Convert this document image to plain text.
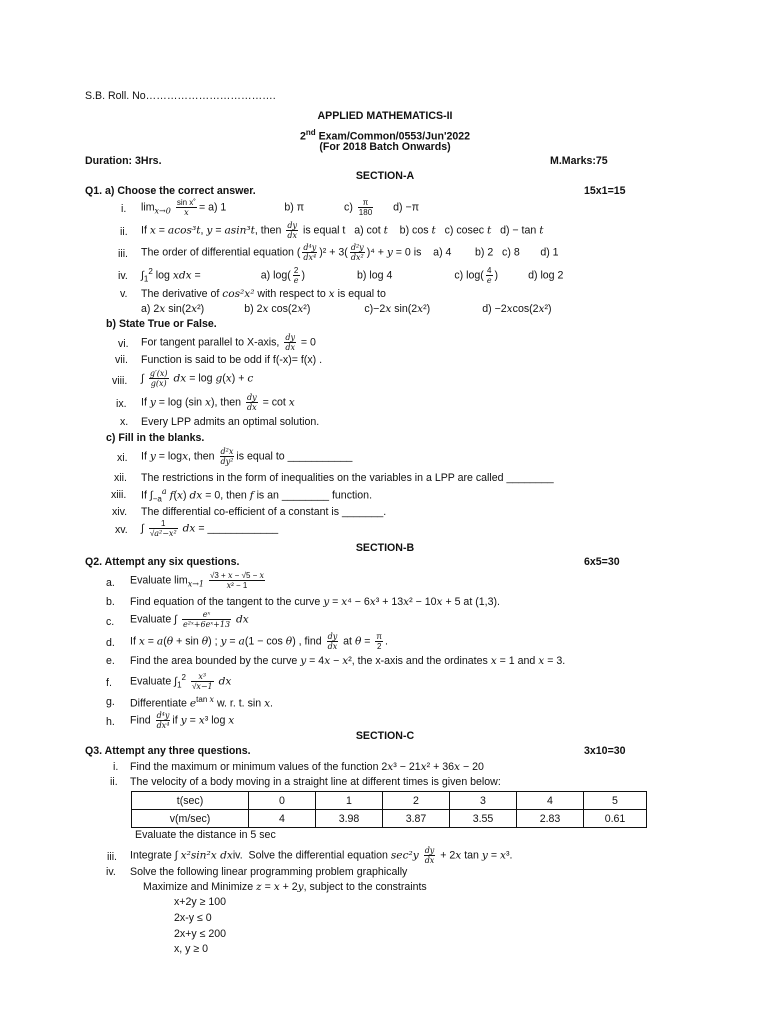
S.B. Roll. No……………………………….
APPLIED MATHEMATICS-II
2nd Exam/Common/0553/Jun'2022
(For 2018 Batch Onwards)
Duration: 3Hrs.	M.Marks:75
SECTION-A
Q1. a) Choose the correct answer.	15x1=15
i. $\lim_{x\to 0} \frac{\text{sin x˚}}{x} = a$) 1	b) π	$c) \frac{\pi}{180} d) -\pi$
ii. If x = acos³t, y = asin³t, then $\frac{dy}{dx}$ is equal t   a) cot t    b) cos t   c) cosec t   d) − tan t
iii. The order of differential equation ( $\frac{\text{d⁴y}}{\text{dx⁴}} )^2 + 3( \frac{\text{d²y}}{\text{dx²}} )^4 + y = 0$ is    a) 4        b) 2   c) 8       d) 1
iv. $\int_1^2$ log xdx =	a) $\log( \frac{2}{e}$ )	b) log 4	c) $\log( \frac{4}{e}$ )	d) log 2
v. The derivative of cos²x² with respect to x is equal to
a) 2x sin(2x²)	b) 2x cos(2x²)	c)−2x sin(2x²)	d) −2xcos(2x²)
b) State True or False.
vi. For tangent parallel to X-axis, $\frac{dy}{dx} = 0$
vii. Function is said to be odd if f(-x)= f(x) .
viii. ∫ $\frac{g'(x)}{g(x)}$ dx = log g(x) + c
ix. If y = log (sin x), then $\frac{dy}{dx} = \cot x$
x. Every LPP admits an optimal solution.
c) Fill in the blanks.
xi. If y = logx, then $\frac{\text{d²x}}{\text{dy²}}$ is equal to ___________
xii. The restrictions in the form of inequalities on the variables in a LPP are called ________
xiii. If $\int_{-a}^a$ f(x) dx = 0, then f is an ________ function.
xiv. The differential co-efficient of a constant is _______.
xv. ∫ $\frac{1}{\text{√a²−x²}}$ dx = ____________
SECTION-B
Q2. Attempt any six questions.	6x5=30
a. Evaluate $\lim_{x\to 1} \frac{√3 + x - √5 - x}{\text{x² − 1}}$
b. Find equation of the tangent to the curve y = x⁴ − 6x³ + 13x² − 10x + 5 at (1,3).
c. Evaluate ∫ $\frac{\text{eˣ}}{\text{e²ˣ+6eˣ+13}}$ dx
d. If x = a(θ + sin θ) ; y = a(1 − cos θ) , find $\frac{dy}{dx}$ at $\theta = \frac{\pi}{2}$ .
e. Find the area bounded by the curve y = 4x − x², the x-axis and the ordinates x = 1 and x = 3.
f. Evaluate $\int_1^2 \frac{\text{x³}}{√x-1}$ dx
g. Differentiate $e^{tan x}$ w. r. t. sin x.
h. Find $\frac{\text{d⁴y}}{\text{dx⁴}}$ if y = x³ log x
SECTION-C
Q3. Attempt any three questions.	3x10=30
i. Find the maximum or minimum values of the function 2x³ − 21x² + 36x − 20
ii. The velocity of a body moving in a straight line at different times is given below:
t(sec)	0	1	2	3	4	5
v(m/sec)	4	3.98	3.87	3.55	2.83	0.61
Evaluate the distance in 5 sec
iii. Integrate ∫ x²sin²x dxiv.  Solve the differential equation $\sec^2y \frac{dy}{dx} + 2x$ tan y = x³.
iv. Solve the following linear programming problem graphically
Maximize and Minimize z = x + 2y, subject to the constraints
x+2y ≥ 100
2x-y ≤ 0
2x+y ≤ 200
x, y ≥ 0
